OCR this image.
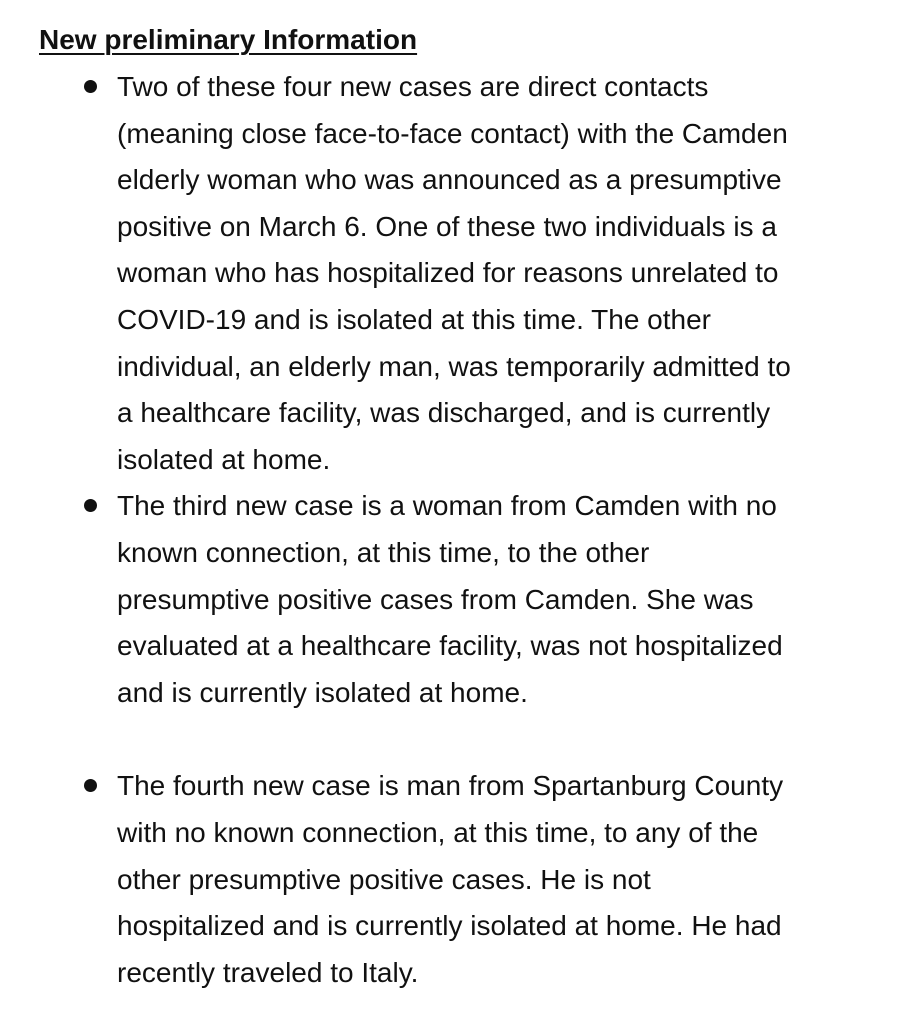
New preliminary Information
Two of these four new cases are direct contacts
(meaning close face-to-face contact) with the Camden
elderly woman who was announced as a presumptive
positive on March 6. One of these two individuals is a
woman who has hospitalized for reasons unrelated to
COVID-19 and is isolated at this time. The other
individual, an elderly man, was temporarily admitted to
a healthcare facility, was discharged, and is currently
isolated at home.
The third new case is a woman from Camden with no
known connection, at this time, to the other
presumptive positive cases from Camden. She was
evaluated at a healthcare facility, was not hospitalized
and is currently isolated at home.
The fourth new case is man from Spartanburg County
with no known connection, at this time, to any of the
other presumptive positive cases. He is not
hospitalized and is currently isolated at home. He had
recently traveled to Italy.
